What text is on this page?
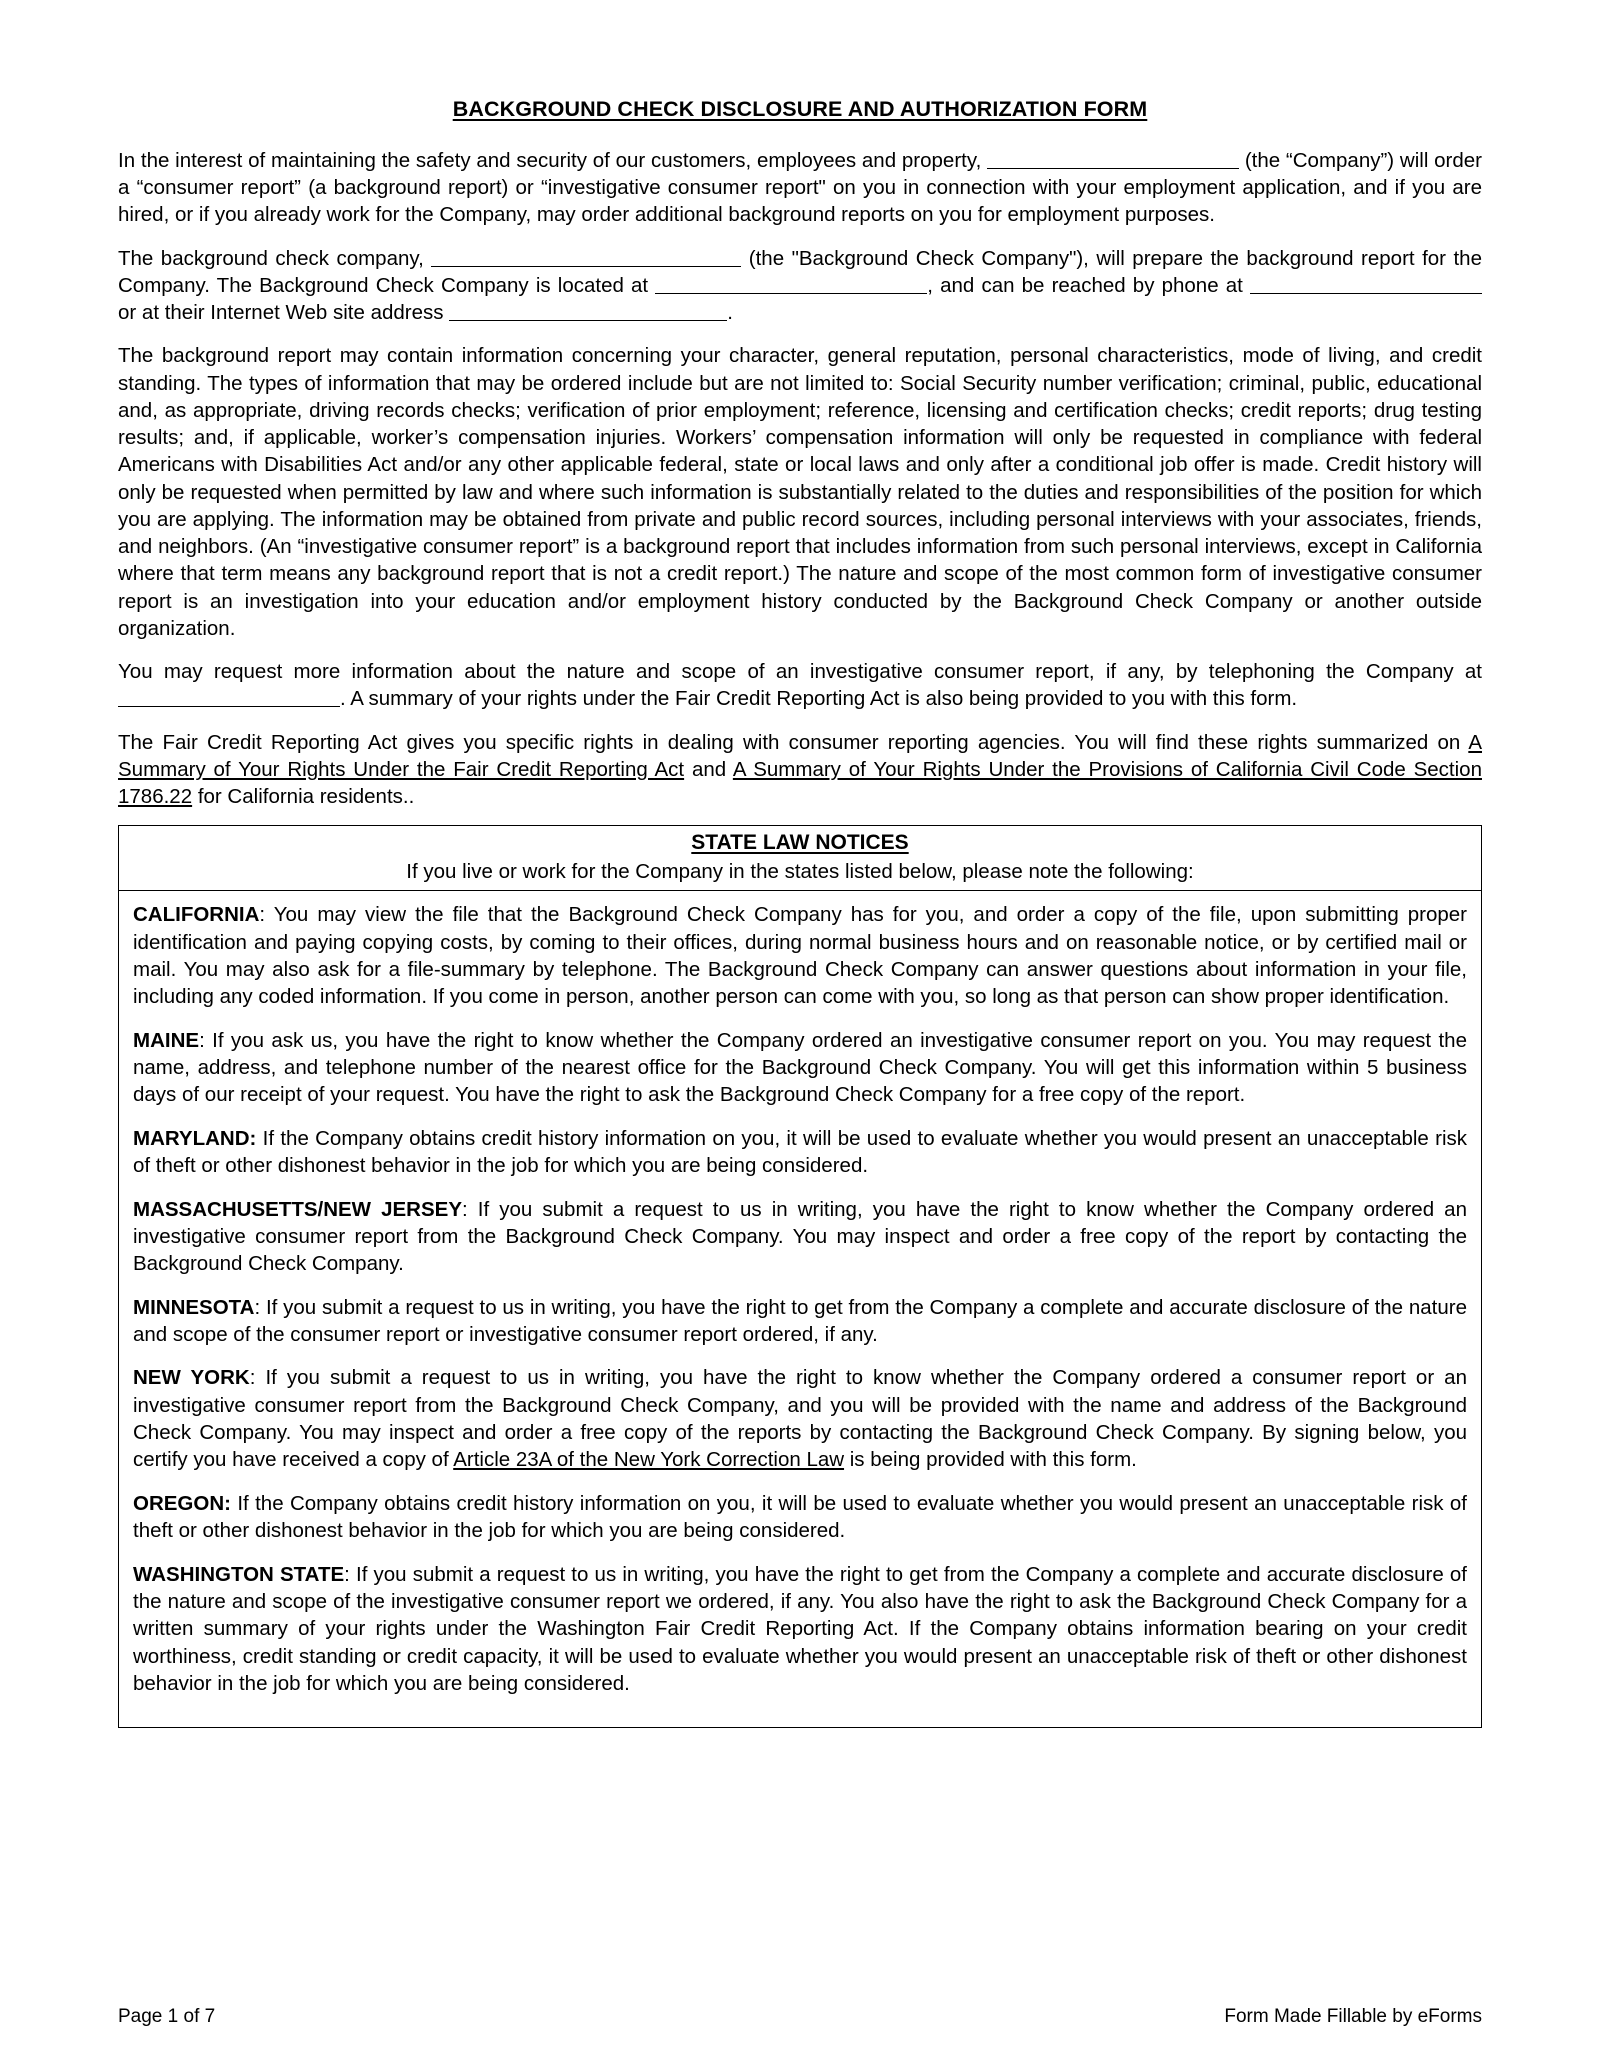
BACKGROUND CHECK DISCLOSURE AND AUTHORIZATION FORM

In the interest of maintaining the safety and security of our customers, employees and property,	(the “Company”) will order a “consumer report” (a background report) or “investigative consumer report" on you in connection with your employment application, and if you are hired, or if you already work for the Company, may order additional background reports on you for employment purposes.

The background check company,	(the "Background Check Company"), will prepare the background report for the Company. The Background Check Company is located at	, and can be reached by phone at  or at their Internet Web site address	.

The background report may contain information concerning your character, general reputation, personal characteristics, mode of living, and credit standing. The types of information that may be ordered include but are not limited to: Social Security number verification; criminal, public, educational and, as appropriate, driving records checks; verification of prior employment; reference, licensing and certification checks; credit reports; drug testing results; and, if applicable, worker’s compensation injuries. Workers’ compensation information will only be requested in compliance with federal Americans with Disabilities Act and/or any other applicable federal, state or local laws and only after a conditional job offer is made. Credit history will only be requested when permitted by law and where such information is substantially related to the duties and responsibilities of the position for which you are applying. The information may be obtained from private and public record sources, including personal interviews with your associates, friends, and neighbors. (An “investigative consumer report” is a background report that includes information from such personal interviews, except in California where that term means any background report that is not a credit report.) The nature and scope of the most common form of investigative consumer report is an investigation into your education and/or employment history conducted by the Background Check Company or another outside organization.

You may request more information about the nature and scope of an investigative consumer report, if any, by telephoning the Company at . A summary of your rights under the Fair Credit Reporting Act is also being provided to you with this form.

The Fair Credit Reporting Act gives you specific rights in dealing with consumer reporting agencies. You will find these rights summarized on A Summary of Your Rights Under the Fair Credit Reporting Act and A Summary of Your Rights Under the Provisions of California Civil Code Section 1786.22 for California residents..

STATE LAW NOTICES
If you live or work for the Company in the states listed below, please note the following:

CALIFORNIA: You may view the file that the Background Check Company has for you, and order a copy of the file, upon submitting proper identification and paying copying costs, by coming to their offices, during normal business hours and on reasonable notice, or by certified mail or mail. You may also ask for a file-summary by telephone. The Background Check Company can answer questions about information in your file, including any coded information. If you come in person, another person can come with you, so long as that person can show proper identification.

MAINE: If you ask us, you have the right to know whether the Company ordered an investigative consumer report on you. You may request the name, address, and telephone number of the nearest office for the Background Check Company. You will get this information within 5 business days of our receipt of your request. You have the right to ask the Background Check Company for a free copy of the report.

MARYLAND: If the Company obtains credit history information on you, it will be used to evaluate whether you would present an unacceptable risk of theft or other dishonest behavior in the job for which you are being considered.

MASSACHUSETTS/NEW JERSEY: If you submit a request to us in writing, you have the right to know whether the Company ordered an investigative consumer report from the Background Check Company. You may inspect and order a free copy of the report by contacting the Background Check Company.

MINNESOTA: If you submit a request to us in writing, you have the right to get from the Company a complete and accurate disclosure of the nature and scope of the consumer report or investigative consumer report ordered, if any.

NEW YORK: If you submit a request to us in writing, you have the right to know whether the Company ordered a consumer report or an investigative consumer report from the Background Check Company, and you will be provided with the name and address of the Background Check Company. You may inspect and order a free copy of the reports by contacting the Background Check Company. By signing below, you certify you have received a copy of Article 23A of the New York Correction Law is being provided with this form.

OREGON: If the Company obtains credit history information on you, it will be used to evaluate whether you would present an unacceptable risk of theft or other dishonest behavior in the job for which you are being considered.

WASHINGTON STATE: If you submit a request to us in writing, you have the right to get from the Company a complete and accurate disclosure of the nature and scope of the investigative consumer report we ordered, if any. You also have the right to ask the Background Check Company for a written summary of your rights under the Washington Fair Credit Reporting Act. If the Company obtains information bearing on your credit worthiness, credit standing or credit capacity, it will be used to evaluate whether you would present an unacceptable risk of theft or other dishonest behavior in the job for which you are being considered.

Page 1 of 7	Form Made Fillable by eForms
